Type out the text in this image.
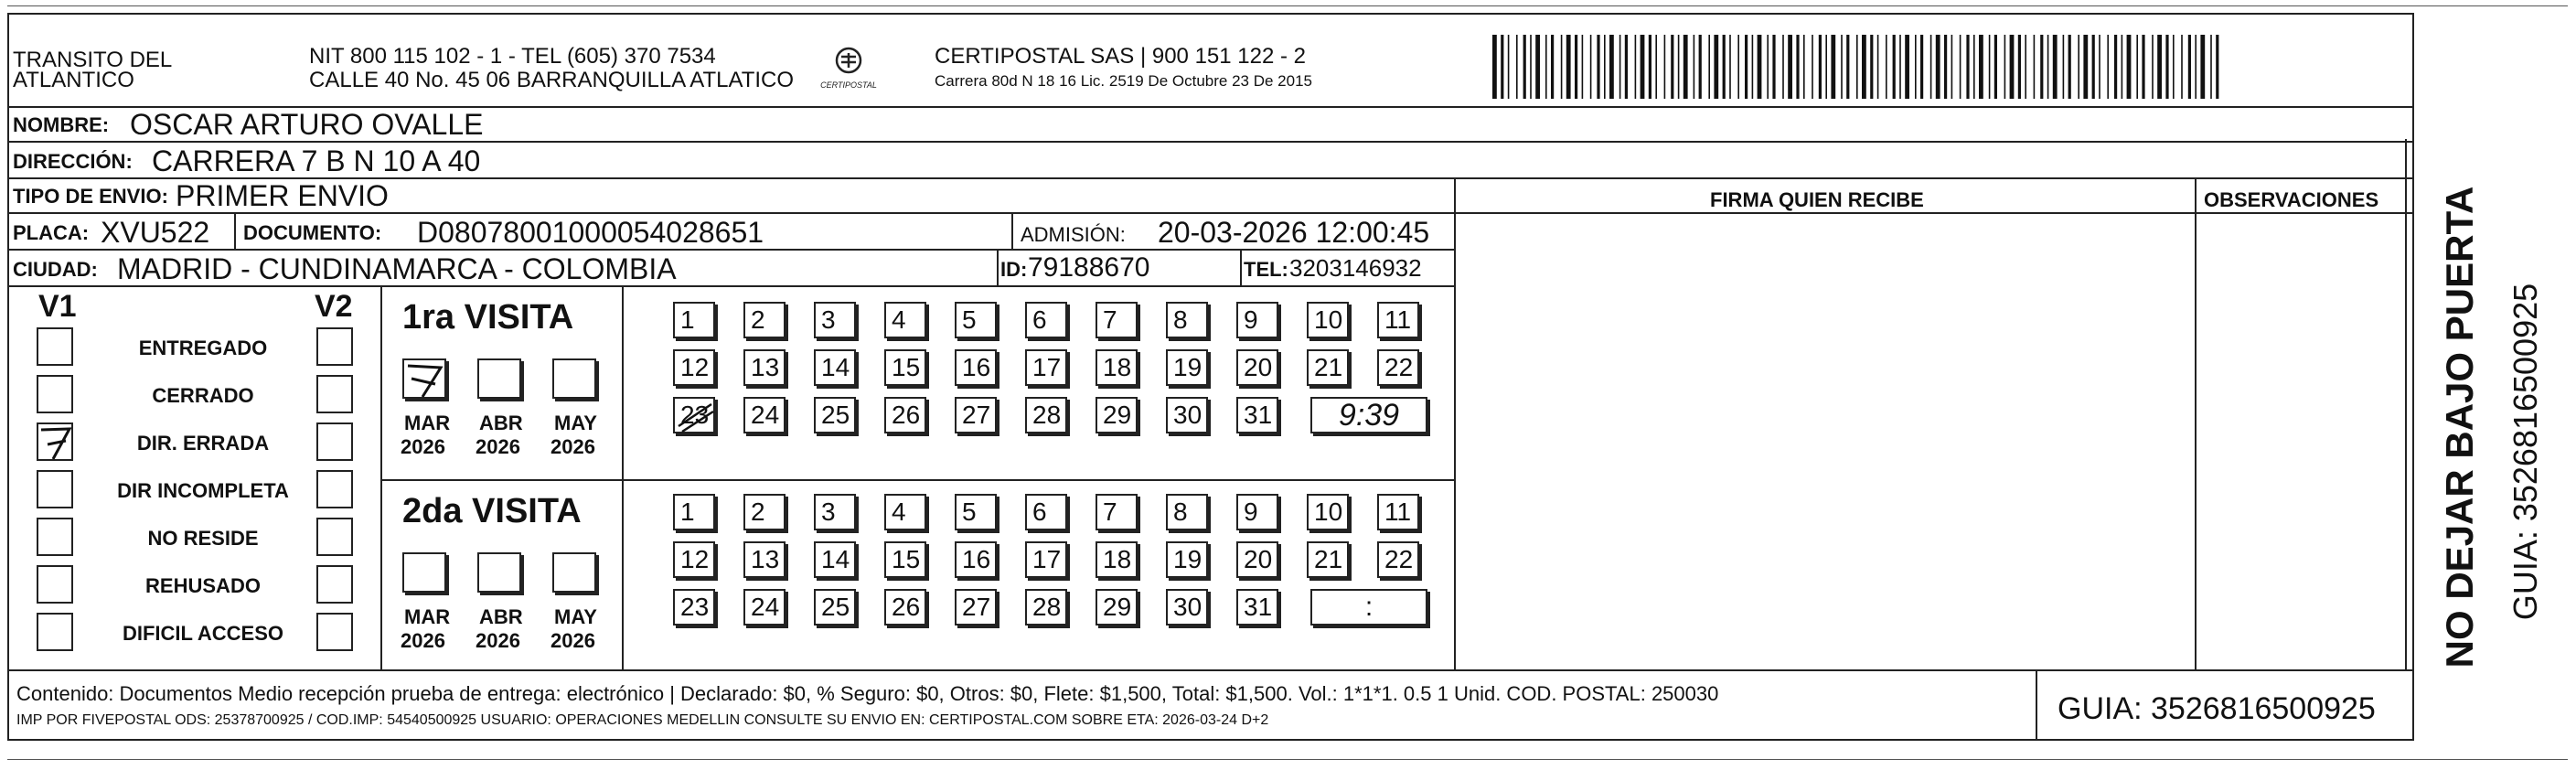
TRANSITO DEL
ATLANTICO
NIT 800 115 102 - 1 - TEL (605) 370 7534
CALLE 40 No. 45 06 BARRANQUILLA ATLATICO	CERTIPOSTAL
CERTIPOSTAL SAS | 900 151 122 - 2
Carrera 80d N 18 16 Lic. 2519 De Octubre 23 De 2015
NOMBRE: OSCAR ARTURO OVALLE
DIRECCIÓN: CARRERA 7 B N 10 A 40
TIPO DE ENVIO: PRIMER ENVIO	FIRMA QUIEN RECIBE	OBSERVACIONES
PLACA: XVU522 DOCUMENTO: D08078001000054028651	ADMISIÓN: 20-03-2026 12:00:45
CIUDAD: MADRID - CUNDINAMARCA - COLOMBIA	ID: 79188670	TEL: 3203146932
V1	V2
ENTREGADO
CERRADO
DIR. ERRADA
DIR INCOMPLETA
NO RESIDE
REHUSADO
DIFICIL ACCESO
1ra VISITA
2da VISITA
MAR
2026
ABR
2026
MAY
2026
MAR
2026
ABR
2026
MAY
2026
1 2 3 4 5 6 7 8 9 10 11
12 13 14 15 16 17 18 19 20 21 22
23 24 25 26 27 28 29 30 31	9:39
1 2 3 4 5 6 7 8 9 10 11
12 13 14 15 16 17 18 19 20 21 22
23 24 25 26 27 28 29 30 31	:
Contenido: Documentos Medio recepción prueba de entrega: electrónico | Declarado: $0, % Seguro: $0, Otros: $0, Flete: $1,500, Total: $1,500. Vol.: 1*1*1. 0.5 1 Unid. COD. POSTAL: 250030
IMP POR FIVEPOSTAL ODS: 25378700925 / COD.IMP: 54540500925 USUARIO: OPERACIONES MEDELLIN CONSULTE SU ENVIO EN: CERTIPOSTAL.COM SOBRE ETA: 2026-03-24 D+2	GUIA: 3526816500925
NO DEJAR BAJO PUERTA GUIA: 3526816500925
